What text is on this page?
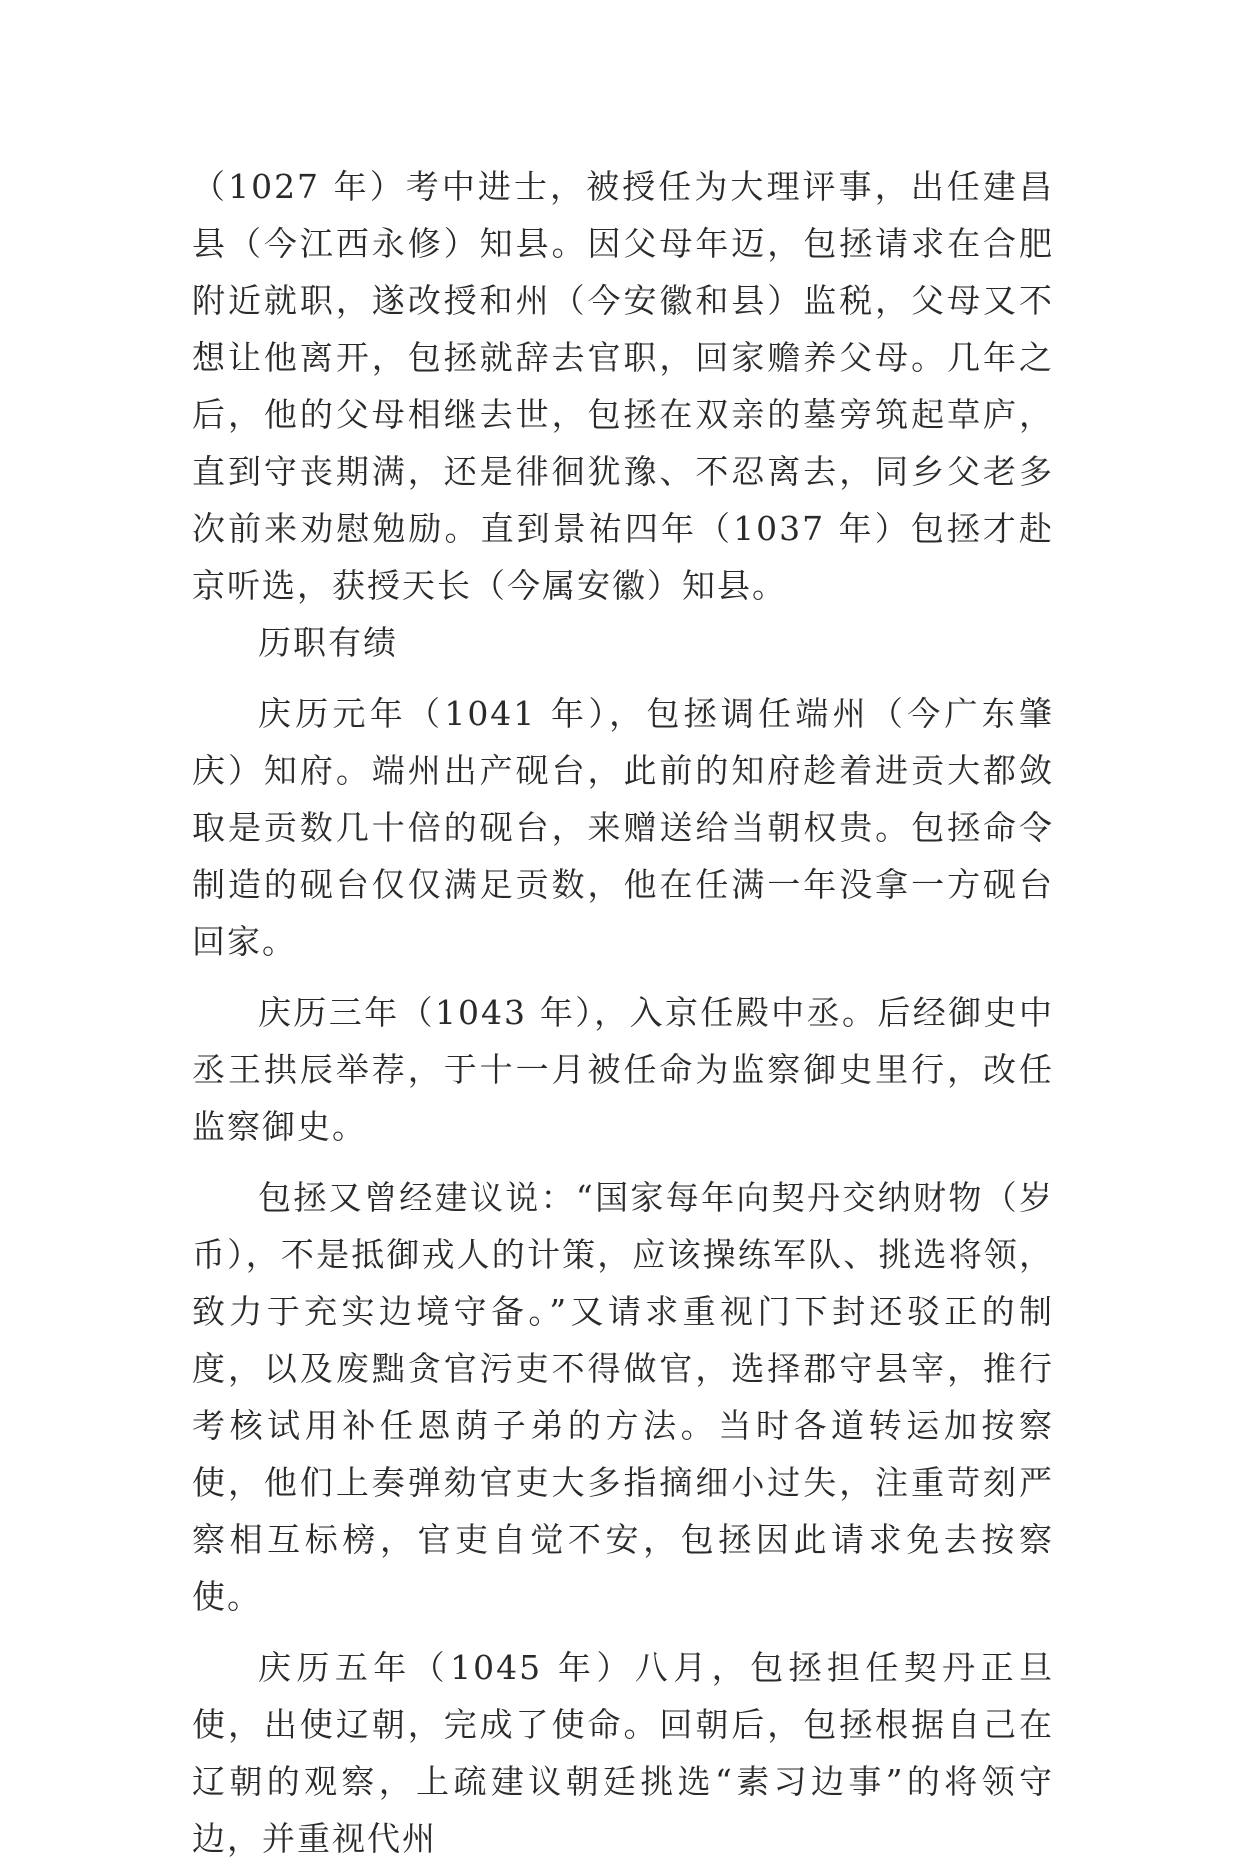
（1027 年）考中进士，被授任为大理评事，出任建昌县（今江西永修）知县。因父母年迈，包拯请求在合肥附近就职，遂改授和州（今安徽和县）监税，父母又不想让他离开，包拯就辞去官职，回家赡养父母。几年之后，他的父母相继去世，包拯在双亲的墓旁筑起草庐，直到守丧期满，还是徘徊犹豫、不忍离去，同乡父老多次前来劝慰勉励。直到景祐四年（1037 年）包拯才赴京听选，获授天长（今属安徽）知县。

历职有绩

庆历元年（1041 年），包拯调任端州（今广东肇庆）知府。端州出产砚台，此前的知府趁着进贡大都敛取是贡数几十倍的砚台，来赠送给当朝权贵。包拯命令制造的砚台仅仅满足贡数，他在任满一年没拿一方砚台回家。

庆历三年（1043 年），入京任殿中丞。后经御史中丞王拱辰举荐，于十一月被任命为监察御史里行，改任监察御史。

包拯又曾经建议说：“国家每年向契丹交纳财物（岁币），不是抵御戎人的计策，应该操练军队、挑选将领，致力于充实边境守备。”又请求重视门下封还驳正的制度，以及废黜贪官污吏不得做官，选择郡守县宰，推行考核试用补任恩荫子弟的方法。当时各道转运加按察使，他们上奏弹劾官吏大多指摘细小过失，注重苛刻严察相互标榜，官吏自觉不安，包拯因此请求免去按察使。

庆历五年（1045 年）八月，包拯担任契丹正旦使，出使辽朝，完成了使命。回朝后，包拯根据自己在辽朝的观察，上疏建议朝廷挑选“素习边事”的将领守边，并重视代州
